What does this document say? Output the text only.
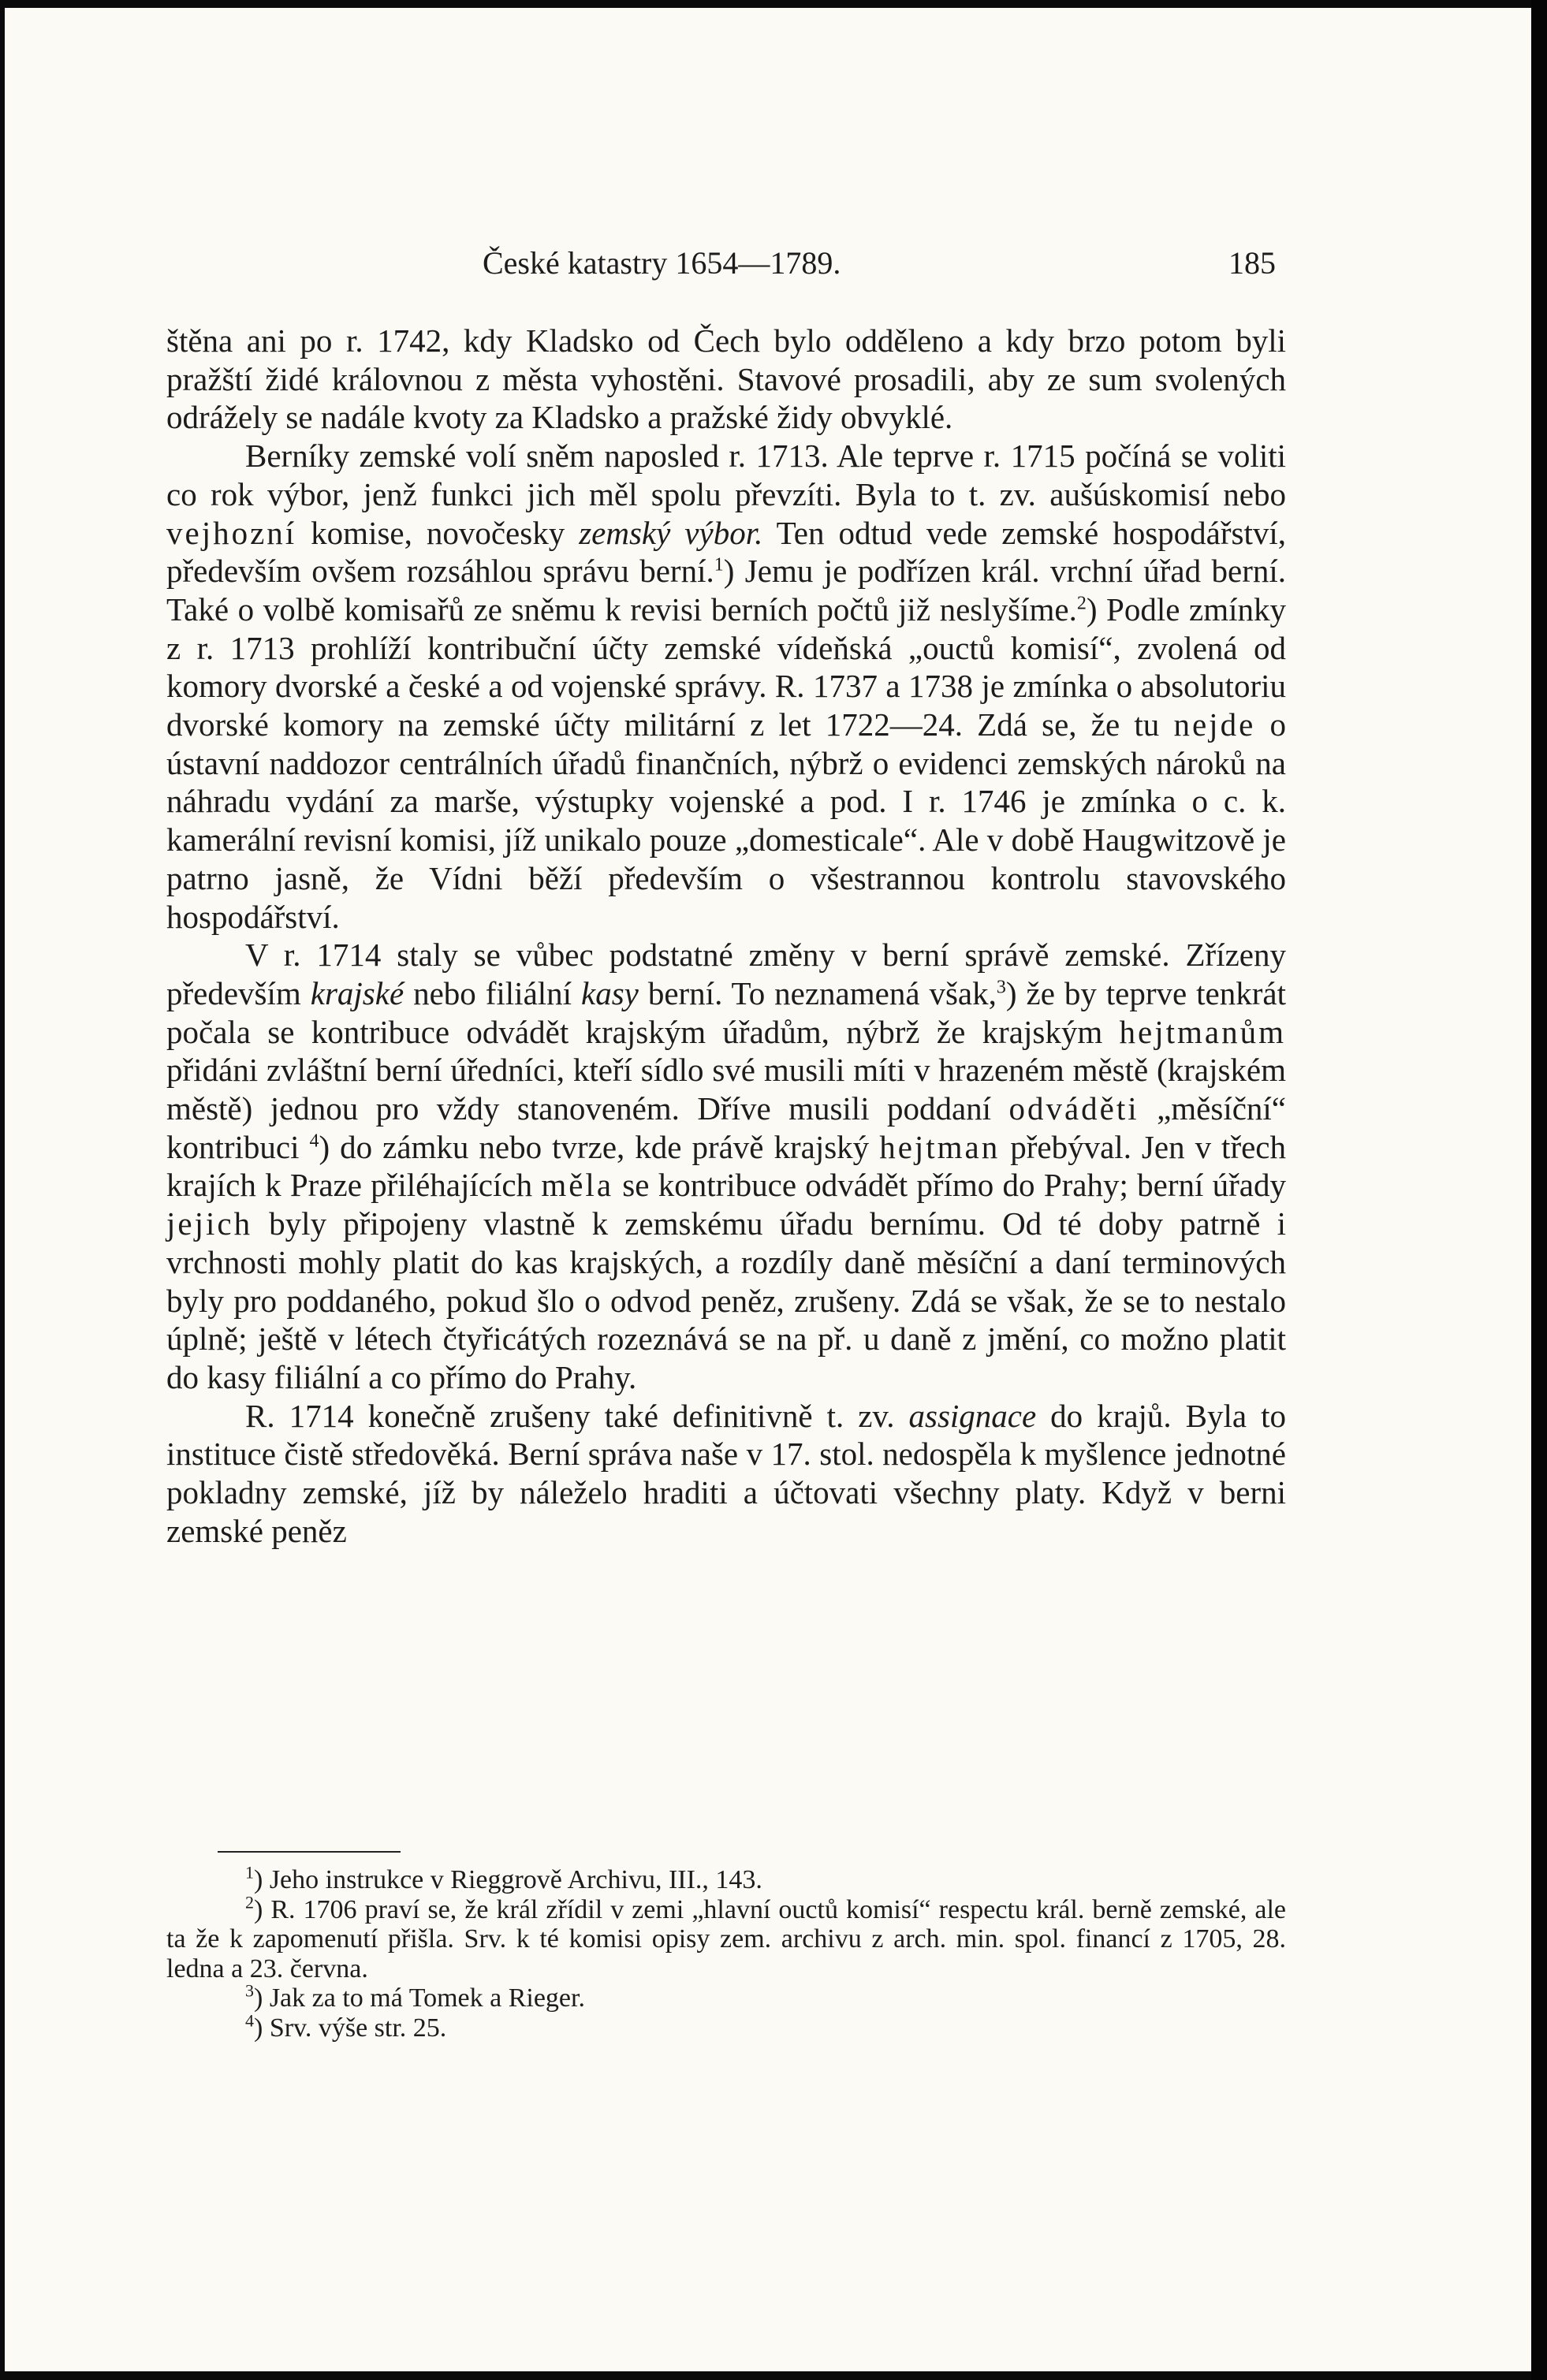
České katastry 1654—1789.	185

štěna ani po r. 1742, kdy Kladsko od Čech bylo odděleno a kdy brzo potom byli pražští židé královnou z města vyhostěni. Stavové prosadili, aby ze sum svolených odrážely se nadále kvoty za Kladsko a pražské židy obvyklé.

Berníky zemské volí sněm naposled r. 1713. Ale teprve r. 1715 počíná se voliti co rok výbor, jenž funkci jich měl spolu převzíti. Byla to t. zv. aušúskomisí nebo vejhozní komise, novočesky zemský výbor. Ten odtud vede zemské hospodářství, především ovšem rozsáhlou správu berní.$^1$) Jemu je podřízen král. vrchní úřad berní. Také o volbě komisařů ze sněmu k revisi berních počtů již neslyšíme.$^2$) Podle zmínky z r. 1713 prohlíží kontribuční účty zemské vídeňská „ouctů komisí“, zvolená od komory dvorské a české a od vojenské správy. R. 1737 a 1738 je zmínka o absolutoriu dvorské komory na zemské účty militární z let 1722—24. Zdá se, že tu nejde o ústavní naddozor centrálních úřadů finančních, nýbrž o evidenci zemských nároků na náhradu vydání za marše, výstupky vojenské a pod. I r. 1746 je zmínka o c. k. kamerální revisní komisi, jíž unikalo pouze „domesticale“. Ale v době Haugwitzově je patrno jasně, že Vídni běží především o všestrannou kontrolu stavovského hospodářství.

V r. 1714 staly se vůbec podstatné změny v berní správě zemské. Zřízeny především krajské nebo filiální kasy berní. To neznamená však,$^3$) že by teprve tenkrát počala se kontribuce odvádět krajským úřadům, nýbrž že krajským hejtmanům přidáni zvláštní berní úředníci, kteří sídlo své musili míti v hrazeném městě (krajském městě) jednou pro vždy stanoveném. Dříve musili poddaní odváděti „měsíční“ kontribuci $^4$) do zámku nebo tvrze, kde právě krajský hejtman přebýval. Jen v třech krajích k Praze přiléhajících měla se kontribuce odvádět přímo do Prahy; berní úřady jejich byly připojeny vlastně k zemskému úřadu bernímu. Od té doby patrně i vrchnosti mohly platit do kas krajských, a rozdíly daně měsíční a daní terminových byly pro poddaného, pokud šlo o odvod peněz, zrušeny. Zdá se však, že se to nestalo úplně; ještě v létech čtyřicátých rozeznává se na př. u daně z jmění, co možno platit do kasy filiální a co přímo do Prahy.

R. 1714 konečně zrušeny také definitivně t. zv. assignace do krajů. Byla to instituce čistě středověká. Berní správa naše v 17. stol. nedospěla k myšlence jednotné pokladny zemské, jíž by náleželo hraditi a účtovati všechny platy. Když v berni zemské peněz

$^1$) Jeho instrukce v Rieggrově Archivu, III., 143.

$^2$) R. 1706 praví se, že král zřídil v zemi „hlavní ouctů komisí“ respectu král. berně zemské, ale ta že k zapomenutí přišla. Srv. k té komisi opisy zem. archivu z arch. min. spol. financí z 1705, 28. ledna a 23. června.

$^3$) Jak za to má Tomek a Rieger.

$^4$) Srv. výše str. 25.
